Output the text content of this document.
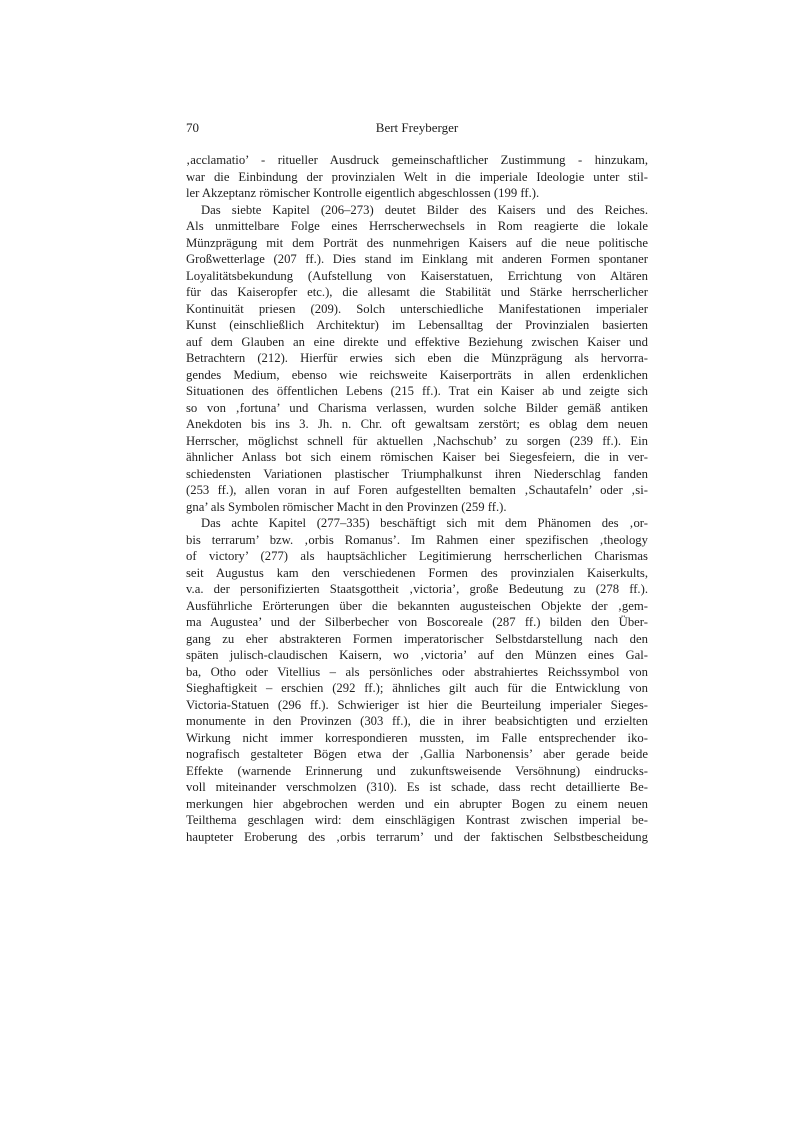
70	Bert Freyberger
‚acclamatio’ - ritueller Ausdruck gemeinschaftlicher Zustimmung - hinzukam,
war die Einbindung der provinzialen Welt in die imperiale Ideologie unter stil-
ler Akzeptanz römischer Kontrolle eigentlich abgeschlossen (199 ff.).
Das siebte Kapitel (206–273) deutet Bilder des Kaisers und des Reiches.
Als unmittelbare Folge eines Herrscherwechsels in Rom reagierte die lokale
Münzprägung mit dem Porträt des nunmehrigen Kaisers auf die neue politische
Großwetterlage (207 ff.). Dies stand im Einklang mit anderen Formen spontaner
Loyalitätsbekundung (Aufstellung von Kaiserstatuen, Errichtung von Altären
für das Kaiseropfer etc.), die allesamt die Stabilität und Stärke herrscherlicher
Kontinuität priesen (209). Solch unterschiedliche Manifestationen imperialer
Kunst (einschließlich Architektur) im Lebensalltag der Provinzialen basierten
auf dem Glauben an eine direkte und effektive Beziehung zwischen Kaiser und
Betrachtern (212). Hierfür erwies sich eben die Münzprägung als hervorra-
gendes Medium, ebenso wie reichsweite Kaiserporträts in allen erdenklichen
Situationen des öffentlichen Lebens (215 ff.). Trat ein Kaiser ab und zeigte sich
so von ‚fortuna’ und Charisma verlassen, wurden solche Bilder gemäß antiken
Anekdoten bis ins 3. Jh. n. Chr. oft gewaltsam zerstört; es oblag dem neuen
Herrscher, möglichst schnell für aktuellen ‚Nachschub’ zu sorgen (239 ff.). Ein
ähnlicher Anlass bot sich einem römischen Kaiser bei Siegesfeiern, die in ver-
schiedensten Variationen plastischer Triumphalkunst ihren Niederschlag fanden
(253 ff.), allen voran in auf Foren aufgestellten bemalten ‚Schautafeln’ oder ‚si-
gna’ als Symbolen römischer Macht in den Provinzen (259 ff.).
Das achte Kapitel (277–335) beschäftigt sich mit dem Phänomen des ‚or-
bis terrarum’ bzw. ‚orbis Romanus’. Im Rahmen einer spezifischen ‚theology
of victory’ (277) als hauptsächlicher Legitimierung herrscherlichen Charismas
seit Augustus kam den verschiedenen Formen des provinzialen Kaiserkults,
v.a. der personifizierten Staatsgottheit ‚victoria’, große Bedeutung zu (278 ff.).
Ausführliche Erörterungen über die bekannten augusteischen Objekte der ‚gem-
ma Augustea’ und der Silberbecher von Boscoreale (287 ff.) bilden den Über-
gang zu eher abstrakteren Formen imperatorischer Selbstdarstellung nach den
späten julisch-claudischen Kaisern, wo ‚victoria’ auf den Münzen eines Gal-
ba, Otho oder Vitellius – als persönliches oder abstrahiertes Reichssymbol von
Sieghaftigkeit – erschien (292 ff.); ähnliches gilt auch für die Entwicklung von
Victoria-Statuen (296 ff.). Schwieriger ist hier die Beurteilung imperialer Sieges-
monumente in den Provinzen (303 ff.), die in ihrer beabsichtigten und erzielten
Wirkung nicht immer korrespondieren mussten, im Falle entsprechender iko-
nografisch gestalteter Bögen etwa der ‚Gallia Narbonensis’ aber gerade beide
Effekte (warnende Erinnerung und zukunftsweisende Versöhnung) eindrucks-
voll miteinander verschmolzen (310). Es ist schade, dass recht detaillierte Be-
merkungen hier abgebrochen werden und ein abrupter Bogen zu einem neuen
Teilthema geschlagen wird: dem einschlägigen Kontrast zwischen imperial be-
haupteter Eroberung des ‚orbis terrarum’ und der faktischen Selbstbescheidung
